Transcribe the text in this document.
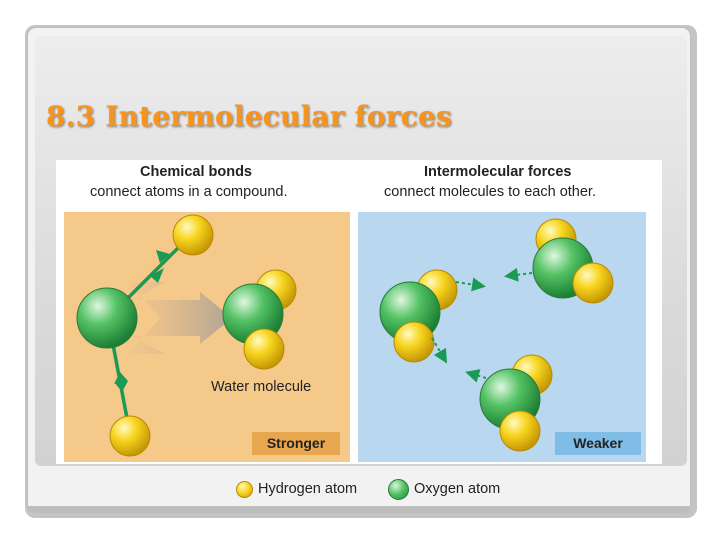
8.3 Intermolecular forces
Chemical bonds
connect atoms in a compound.
Intermolecular forces
connect molecules to each other.
Water molecule
Stronger	Weaker
Hydrogen atom	Oxygen atom
